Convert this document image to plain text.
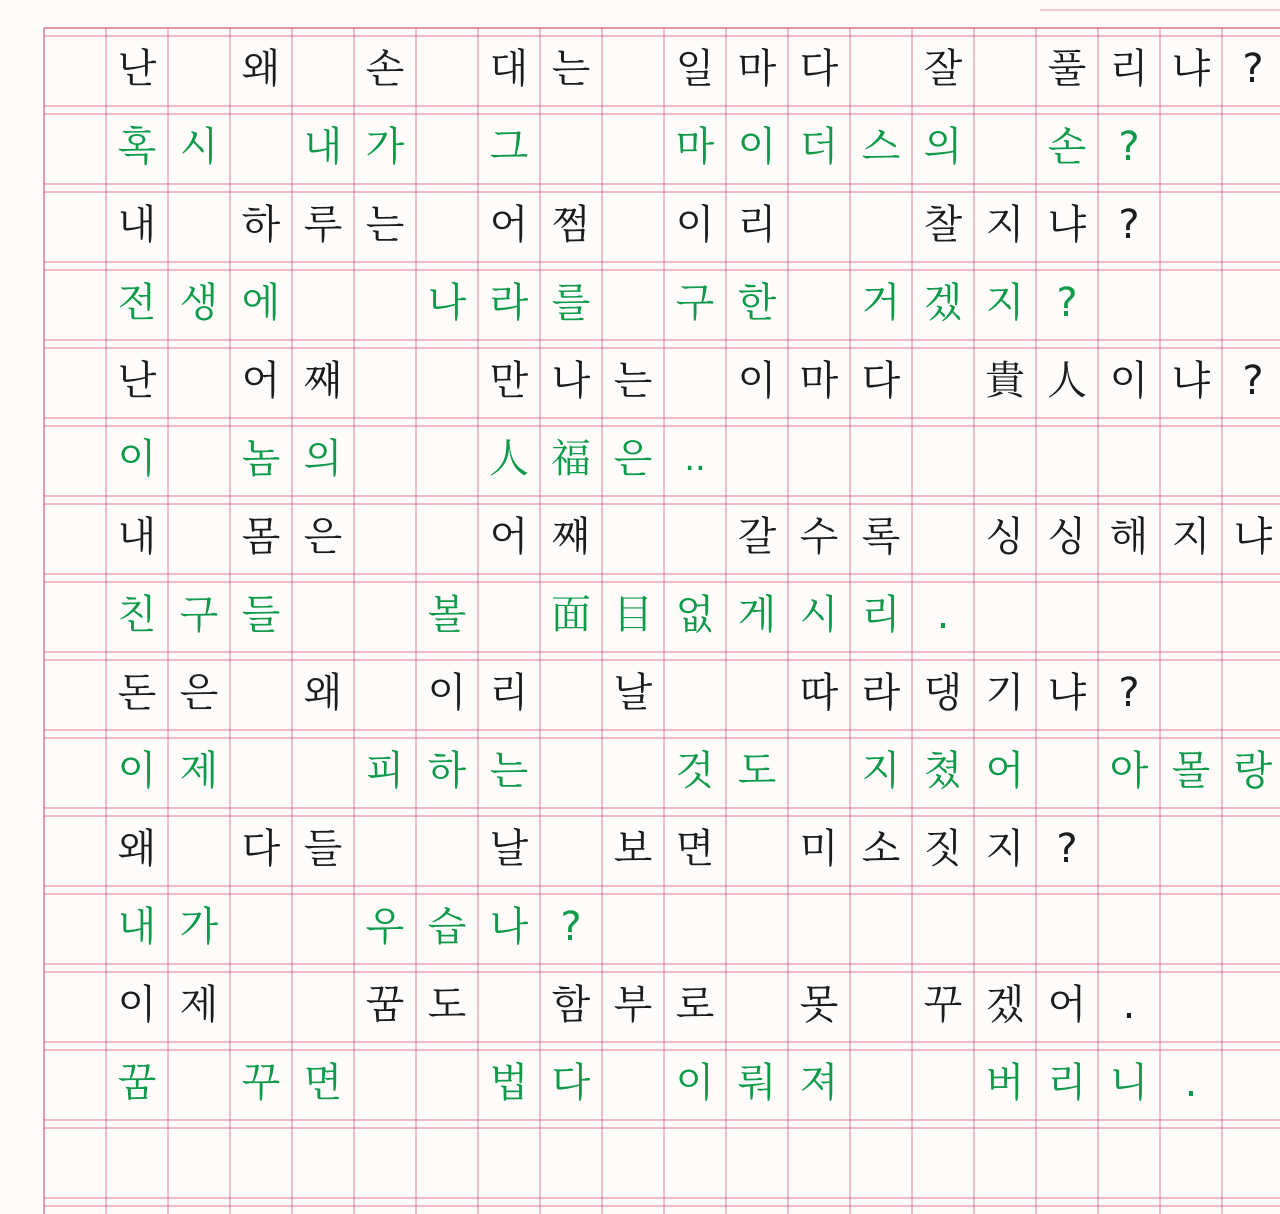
난 왜 손 대 는 일 마 다 잘 풀 리 냐 ?
혹 시 내 가 그	마 이 더 스 의 손 ?
내 하 루 는 어 쩜 이 리	찰 지 냐 ?
전 생 에	나 라 를 구 한 거 겠 지 ?
난 어 쨰	만 나 는 이 마 다 貴 人 이 냐 ?
이 놈 의	人 福 은 ..
내 몸 은	어 쨰	갈 수 록 싱 싱 해 지 냐
친 구 들	볼 面 目 없 게 시 리 .
돈 은 왜 이 리 날	따 라 댕 기 냐 ?
이 제	피 하 는	것 도 지 쳤 어 아 몰 랑
왜 다 들	날 보 면 미 소 짓 지 ?
내 가	우 습 나 ?
이 제	꿈 도 함 부 로 못 꾸 겠 어 .
꿈 꾸 면	법 다 이 뤄 져	버 리 니 .
